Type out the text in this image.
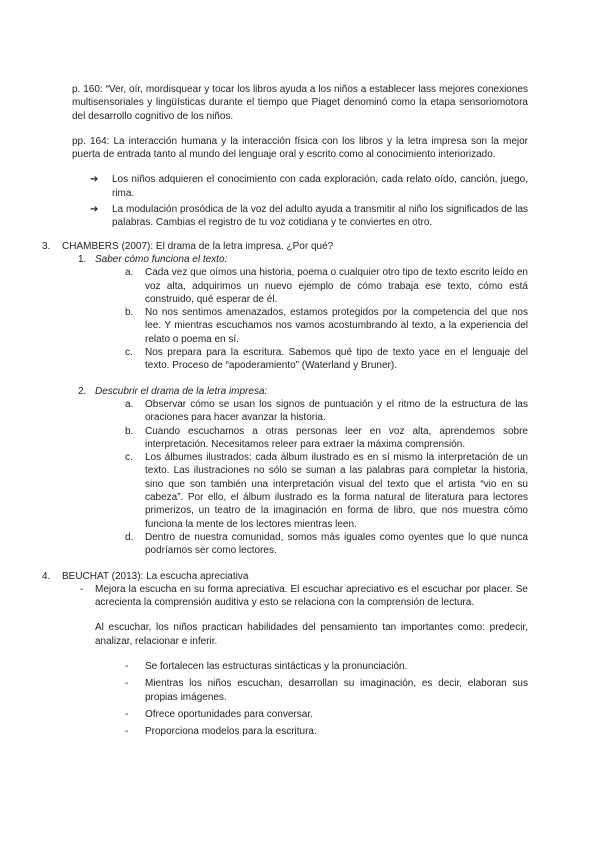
p. 160: “Ver, oír, mordisquear y tocar los libros ayuda a los niños a establecer lass mejores conexiones multisensoriales y lingüísticas durante el tiempo que Piaget denominó como la etapa sensoriomotora del desarrollo cognitivo de los niños.

pp. 164: La interacción humana y la interacción física con los libros y la letra impresa son la mejor puerta de entrada tanto al mundo del lenguaje oral y escrito como al conocimiento interiorizado.

➔	Los niños adquieren el conocimiento con cada exploración, cada relato oído, canción, juego, rima.
➔	La modulación prosódica de la voz del adulto ayuda a transmitir al niño los significados de las palabras. Cambias el registro de tu voz cotidiana y te conviertes en otro.
3.	CHAMBERS (2007): El drama de la letra impresa. ¿Por qué?
1. Saber cómo funciona el texto:
a.	Cada vez que oímos una historia, poema o cualquier otro tipo de texto escrito leído en voz alta, adquirimos un nuevo ejemplo de cómo trabaja ese texto, cómo está construido, qué esperar de él.
b.	No nos sentimos amenazados, estamos protegidos por la competencia del que nos lee. Y mientras escuchamos nos vamos acostumbrando al texto, a la experiencia del relato o poema en sí.
c.	Nos prepara para la escritura. Sabemos qué tipo de texto yace en el lenguaje del texto. Proceso de “apoderamiento” (Waterland y Bruner).
2. Descubrir el drama de la letra impresa:
a.	Observar cómo se usan los signos de puntuación y el ritmo de la estructura de las oraciones para hacer avanzar la historia.
b.	Cuando escuchamos a otras personas leer en voz alta, aprendemos sobre interpretación. Necesitamos releer para extraer la máxima comprensión.
c.	Los álbumes ilustrados: cada álbum ilustrado es en sí mismo la interpretación de un texto. Las ilustraciones no sólo se suman a las palabras para completar la historia, sino que son también una interpretación visual del texto que el artista “vio en su cabeza”. Por ello, el álbum ilustrado es la forma natural de literatura para lectores primerizos, un teatro de la imaginación en forma de libro, que nos muestra cómo funciona la mente de los lectores mientras leen.
d.	Dentro de nuestra comunidad, somos más iguales como oyentes que lo que nunca podríamos ser como lectores.
4.	BEUCHAT (2013): La escucha apreciativa
-	Mejora la escucha en su forma apreciativa. El escuchar apreciativo es el escuchar por placer. Se acrecienta la comprensión auditiva y esto se relaciona con la comprensión de lectura.

Al escuchar, los niños practican habilidades del pensamiento tan importantes como: predecir, analizar, relacionar e inferir.

-	Se fortalecen las estructuras sintácticas y la pronunciación.
-	Mientras los niños escuchan, desarrollan su imaginación, es decir, elaboran sus propias imágenes.
-	Ofrece oportunidades para conversar.
-	Proporciona modelos para la escritura.
